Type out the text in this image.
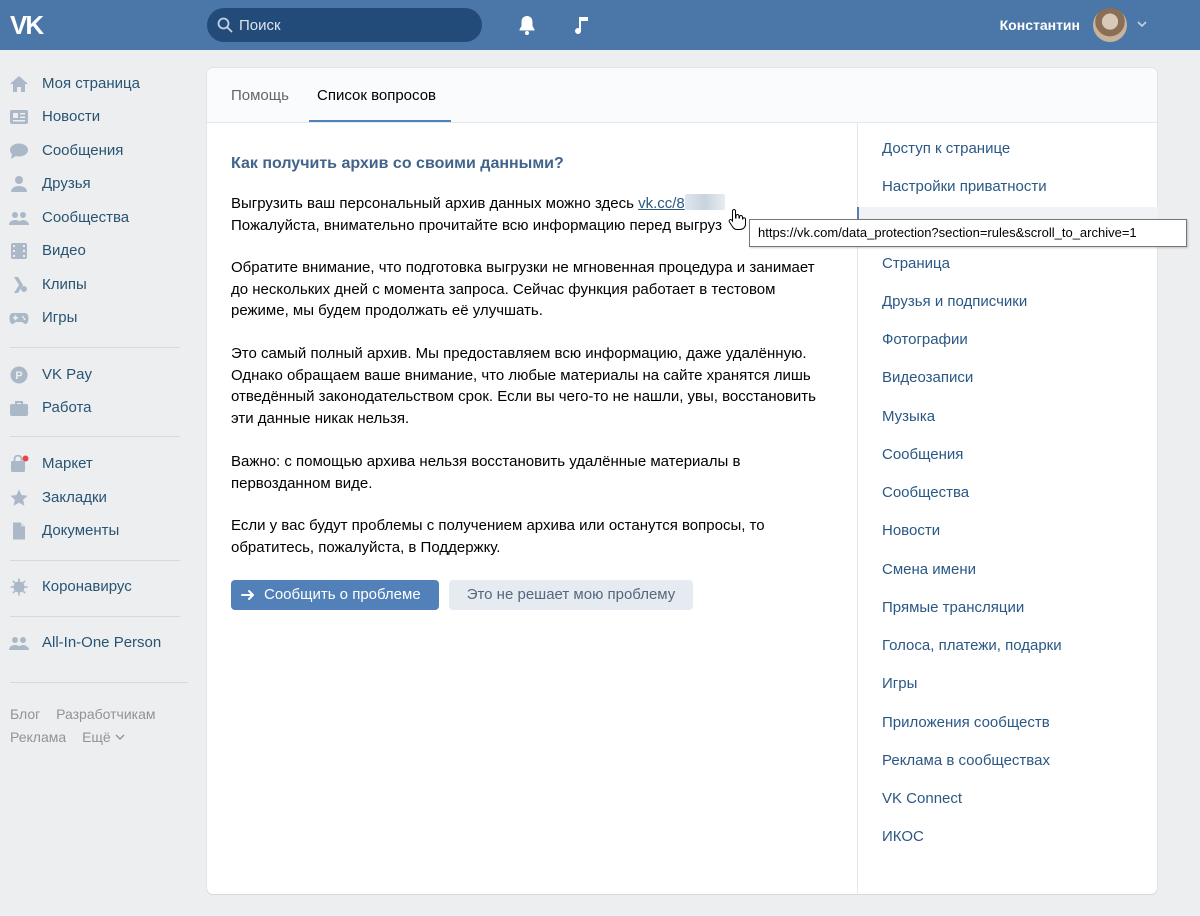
VK
Поиск	Константин
Моя страница
Новости
Сообщения
Друзья
Сообщества
Видео
Клипы
Игры
P VK Pay
Работа
Маркет
Закладки
Документы
Коронавирус
All-In-One Person
Блог Разработчикам
Реклама Ещё
Помощь Список вопросов
Как получить архив со своими данными?
Выгрузить ваш персональный архив данных можно здесь vk.cc/8
Пожалуйста, внимательно прочитайте всю информацию перед выгруз
Обратите внимание, что подготовка выгрузки не мгновенная процедура и занимает до нескольких дней с момента запроса. Сейчас функция работает в тестовом режиме, мы будем продолжать её улучшать.
Это самый полный архив. Мы предоставляем всю информацию, даже удалённую. Однако обращаем ваше внимание, что любые материалы на сайте хранятся лишь отведённый законодательством срок. Если вы чего-то не нашли, увы, восстановить эти данные никак нельзя.
Важно: с помощью архива нельзя восстановить удалённые материалы в первозданном виде.
Если у вас будут проблемы с получением архива или останутся вопросы, то обратитесь, пожалуйста, в Поддержку.
Сообщить о проблеме	Это не решает мою проблему
Доступ к странице
Настройки приватности
Страница
Друзья и подписчики
Фотографии
Видеозаписи
Музыка
Сообщения
Сообщества
Новости
Смена имени
Прямые трансляции
Голоса, платежи, подарки
Игры
Приложения сообществ
Реклама в сообществах
VK Connect
ИКОС
https://vk.com/data_protection?section=rules&scroll_to_archive=1
